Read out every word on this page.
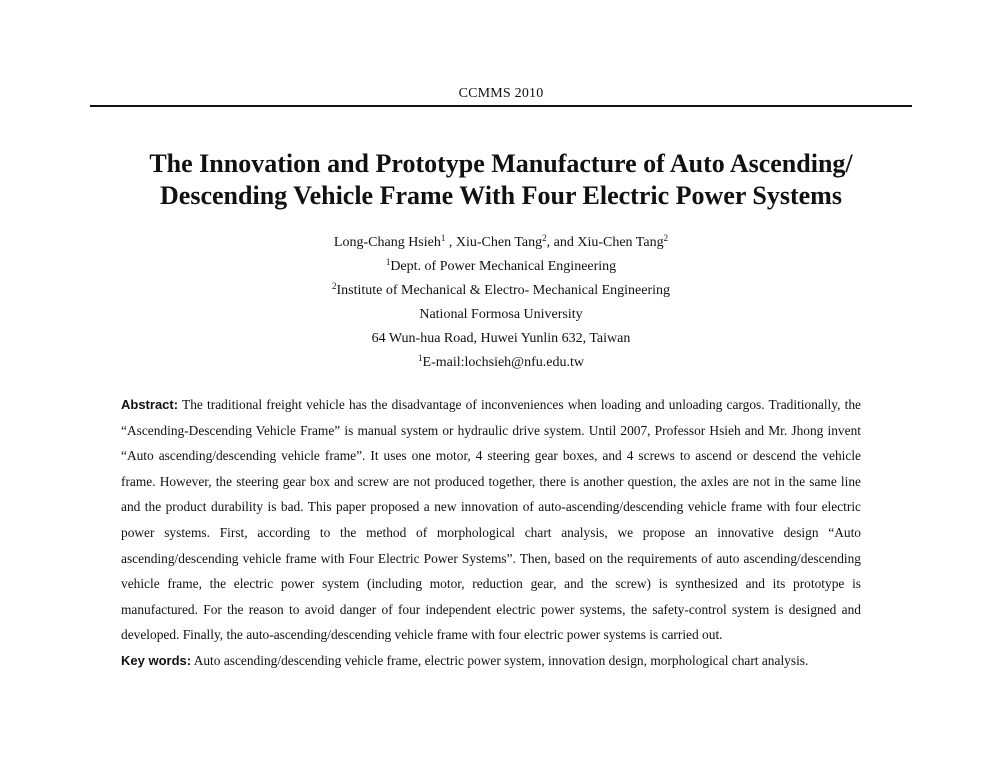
CCMMS 2010
The Innovation and Prototype Manufacture of Auto Ascending/
Descending Vehicle Frame With Four Electric Power Systems
Long-Chang Hsieh$^1$ , Xiu-Chen Tang$^2$, and Xiu-Chen Tang$^2$
$^1$Dept. of Power Mechanical Engineering
$^2$Institute of Mechanical & Electro- Mechanical Engineering
National Formosa University
64 Wun-hua Road, Huwei Yunlin 632, Taiwan
$^1$E-mail:lochsieh@nfu.edu.tw

Abstract: The traditional freight vehicle has the disadvantage of inconveniences when loading and unloading cargos. Traditionally, the “Ascending-Descending Vehicle Frame” is manual system or hydraulic drive system. Until 2007, Professor Hsieh and Mr. Jhong invent “Auto ascending/descending vehicle frame”. It uses one motor, 4 steering gear boxes, and 4 screws to ascend or descend the vehicle frame. However, the steering gear box and screw are not produced together, there is another question, the axles are not in the same line and the product durability is bad. This paper proposed a new innovation of auto-ascending/descending vehicle frame with four electric power systems. First, according to the method of morphological chart analysis, we propose an innovative design “Auto ascending/descending vehicle frame with Four Electric Power Systems”. Then, based on the requirements of auto ascending/descending vehicle frame, the electric power system (including motor, reduction gear, and the screw) is synthesized and its prototype is manufactured. For the reason to avoid danger of four independent electric power systems, the safety-control system is designed and developed. Finally, the auto-ascending/descending vehicle frame with four electric power systems is carried out.

Key words: Auto ascending/descending vehicle frame, electric power system, innovation design, morphological chart analysis.
